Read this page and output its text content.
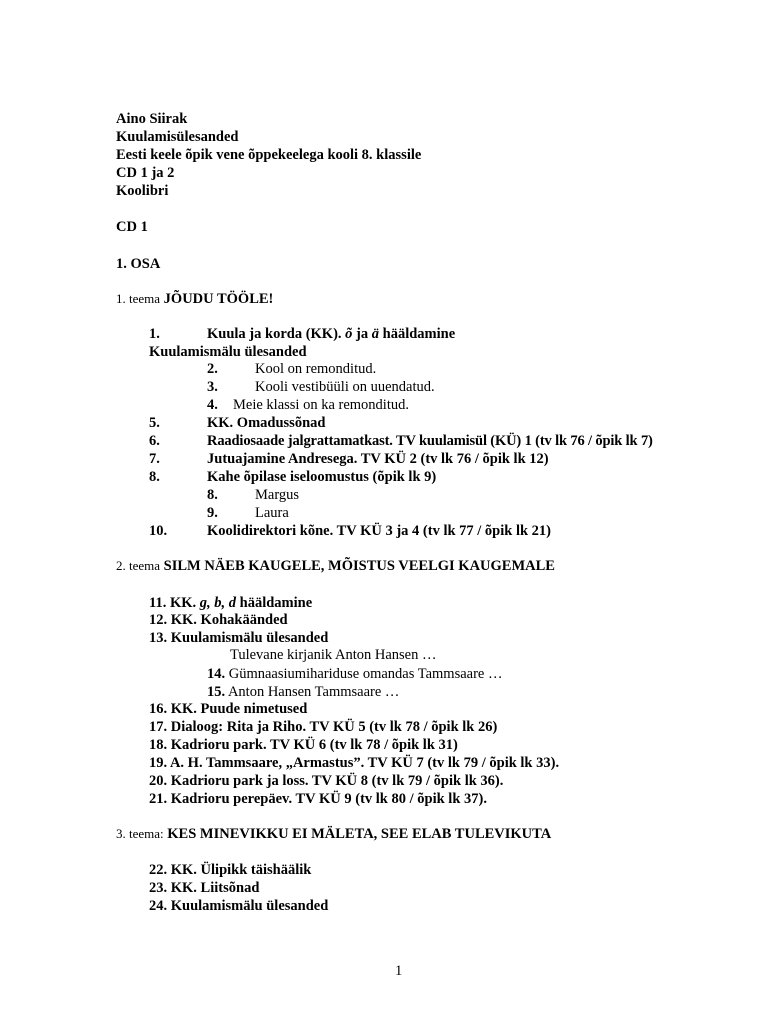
Aino Siirak
Kuulamisülesanded
Eesti keele õpik vene õppekeelega kooli 8. klassile
CD 1 ja 2
Koolibri
CD 1
1. OSA
1. teema JÕUDU TÖÖLE!
1.	Kuula ja korda (KK). õ ja ä hääldamine
Kuulamismälu ülesanded
2.	Kool on remonditud.
3.	Kooli vestibüüli on uuendatud.
4. Meie klassi on ka remonditud.
5.	KK. Omadussõnad
6.	Raadiosaade jalgrattamatkast. TV kuulamisül (KÜ) 1 (tv lk 76 / õpik lk 7)
7.	Jutuajamine Andresega. TV KÜ 2 (tv lk 76 / õpik lk 12)
8.	Kahe õpilase iseloomustus (õpik lk 9)
8.	Margus
9.	Laura
10.	Koolidirektori kõne. TV KÜ 3 ja 4 (tv lk 77 / õpik lk 21)
2. teema SILM NÄEB KAUGELE, MÕISTUS VEELGI KAUGEMALE
11. KK. g, b, d hääldamine
12. KK. Kohakäänded
13. Kuulamismälu ülesanded
Tulevane kirjanik Anton Hansen …
14. Gümnaasiumihariduse omandas Tammsaare …
15. Anton Hansen Tammsaare …
16. KK. Puude nimetused
17. Dialoog: Rita ja Riho. TV KÜ 5 (tv lk 78 / õpik lk 26)
18. Kadrioru park. TV KÜ 6 (tv lk 78 / õpik lk 31)
19. A. H. Tammsaare, „Armastus”. TV KÜ 7 (tv lk 79 / õpik lk 33).
20. Kadrioru park ja loss. TV KÜ 8 (tv lk 79 / õpik lk 36).
21. Kadrioru perepäev. TV KÜ 9 (tv lk 80 / õpik lk 37).
3. teema: KES MINEVIKKU EI MÄLETA, SEE ELAB TULEVIKUTA
22. KK. Ülipikk täishäälik
23. KK. Liitsõnad
24. Kuulamismälu ülesanded
1
